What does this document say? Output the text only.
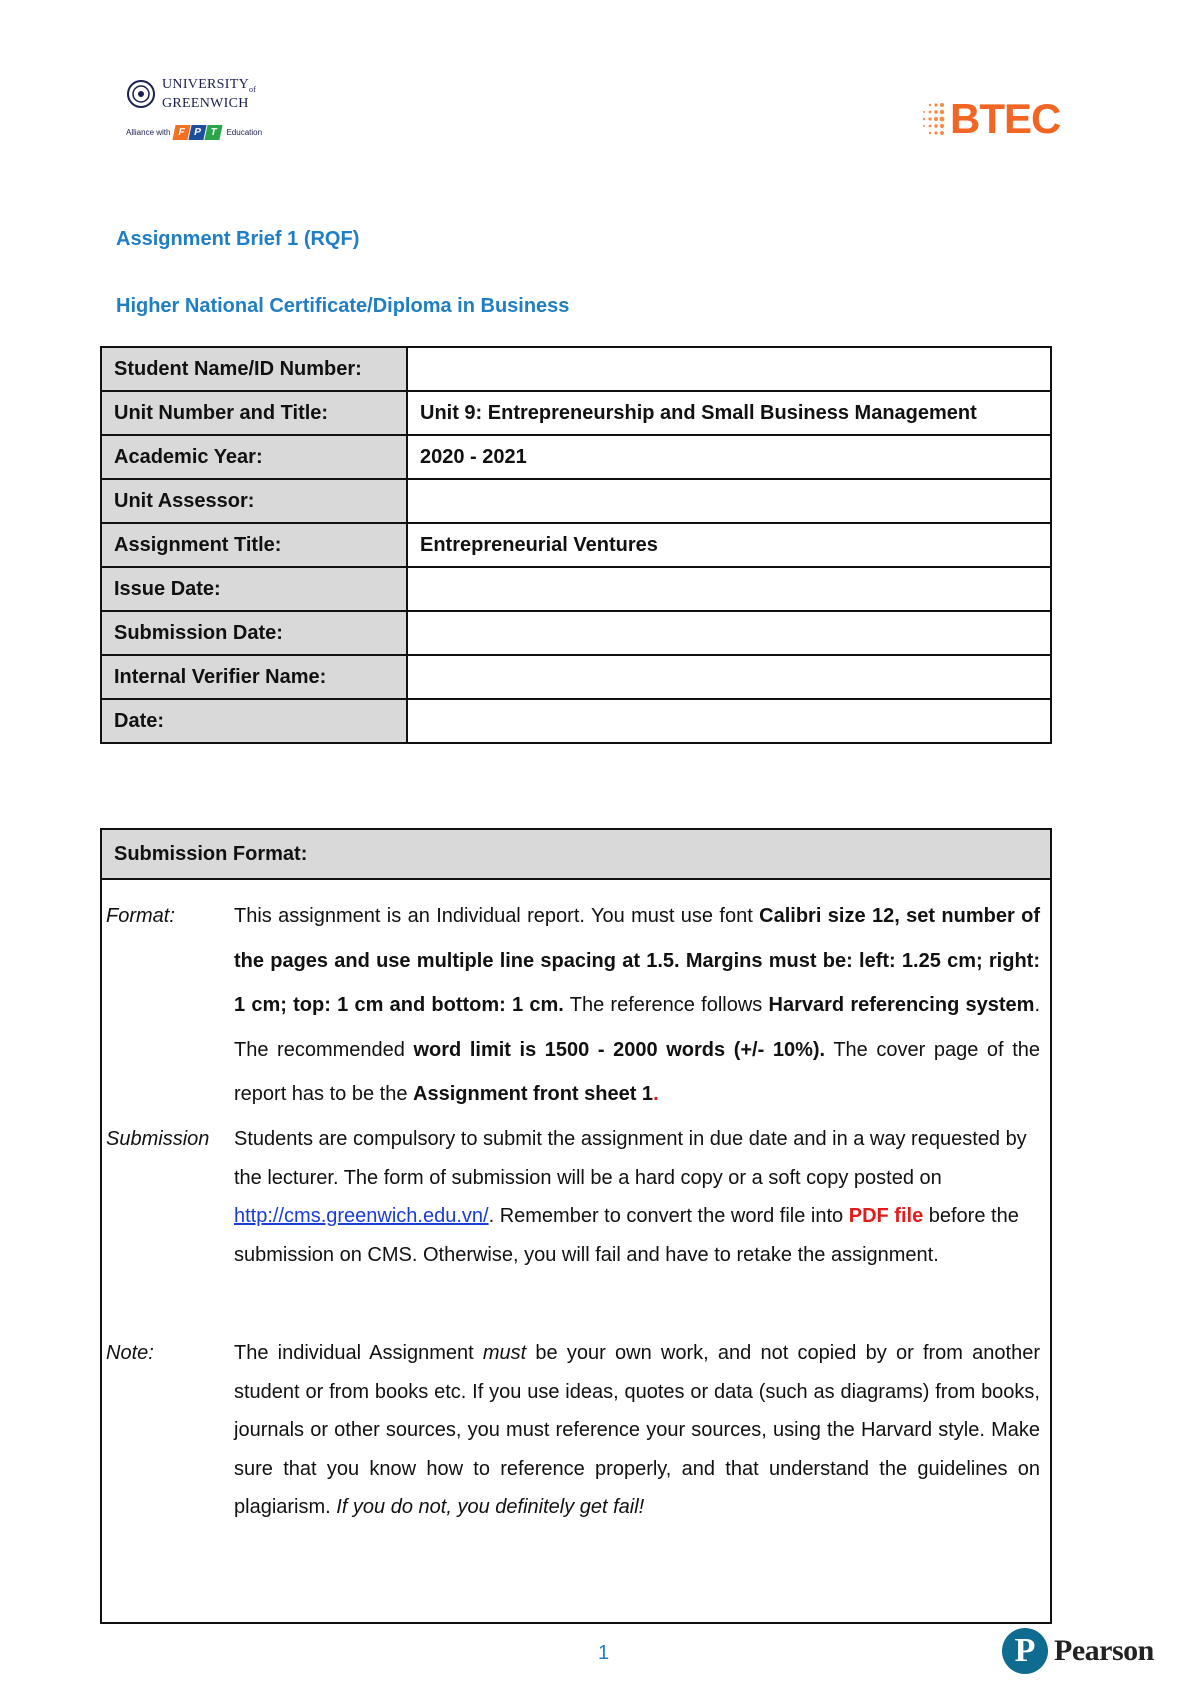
$UNIVERSITY_{of}$
GREENWICH
Alliance with F P T	Education	BTEC
Assignment Brief 1 (RQF)
Higher National Certificate/Diploma in Business
Student Name/ID Number:	
Unit Number and Title:	Unit 9: Entrepreneurship and Small Business Management
Academic Year:	2020 - 2021
Unit Assessor:	
Assignment Title:	Entrepreneurial Ventures
Issue Date:	
Submission Date:	
Internal Verifier Name:	
Date:	
Submission Format:
Format:	This assignment is an Individual report. You must use font Calibri size 12, set number of the pages and use multiple line spacing at 1.5. Margins must be: left: 1.25 cm; right: 1 cm; top: 1 cm and bottom: 1 cm. The reference follows Harvard referencing system. The recommended word limit is 1500 - 2000 words (+/- 10%). The cover page of the report has to be the Assignment front sheet 1.
Submission Students are compulsory to submit the assignment in due date and in a way requested by the lecturer. The form of submission will be a hard copy or a soft copy posted on http://cms.greenwich.edu.vn/. Remember to convert the word file into PDF file before the submission on CMS. Otherwise, you will fail and have to retake the assignment.
Note:	The individual Assignment must be your own work, and not copied by or from another student or from books etc. If you use ideas, quotes or data (such as diagrams) from books, journals or other sources, you must reference your sources, using the Harvard style. Make sure that you know how to reference properly, and that understand the guidelines on plagiarism. If you do not, you definitely get fail!
1	P Pearson
